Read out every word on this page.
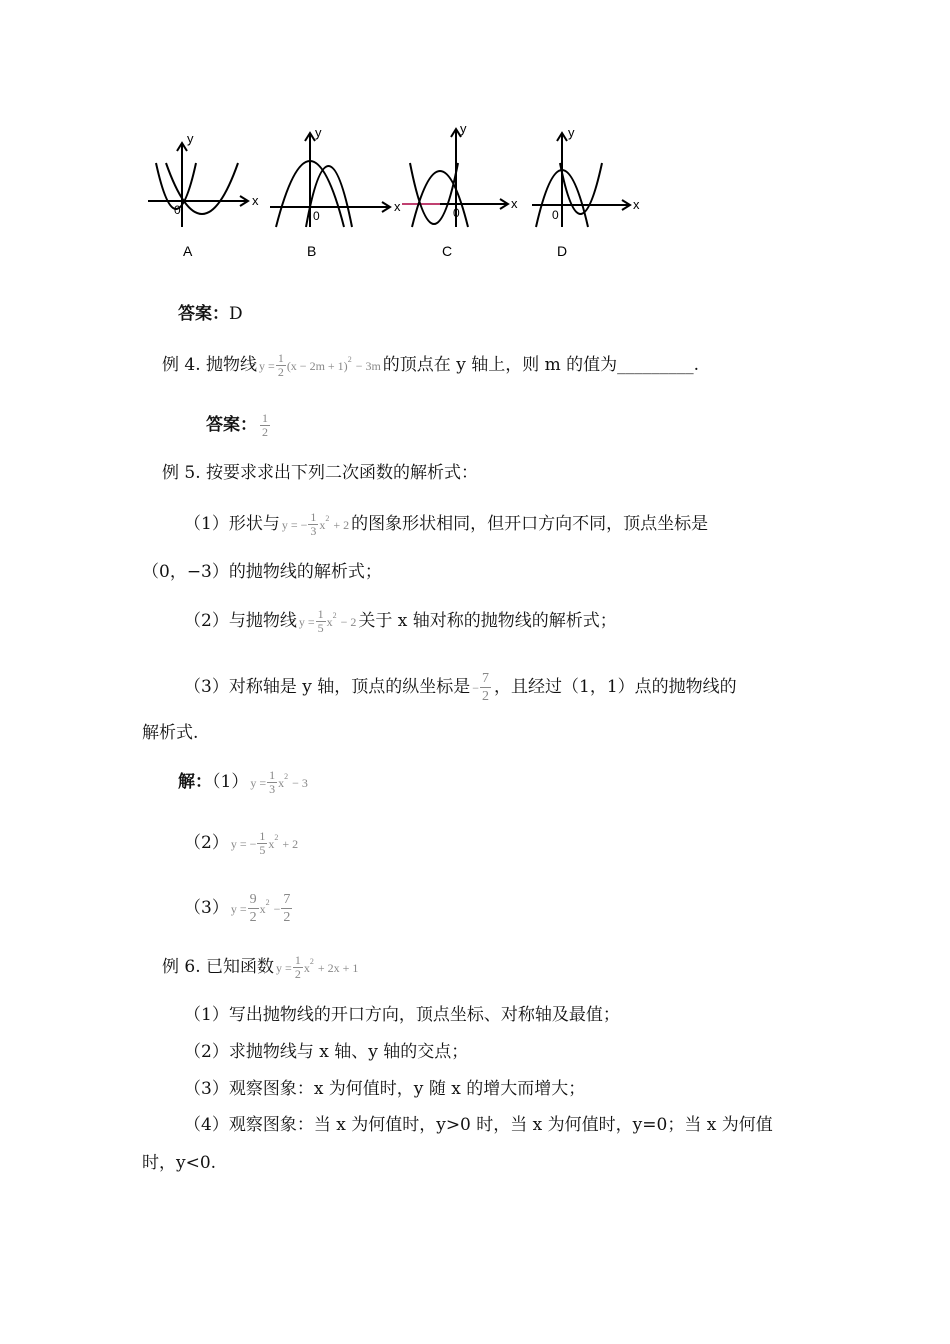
x
y
0
A
x
y
0
B
x
y
0
C
x
y
0
D
答案：D
例 4. 抛物线 $y = \frac{1}{2} (x - 2m + 1) 2 - 3m$ 的顶点在 y 轴上，则 m 的值为_________.
答案： $\frac{1}{2}$
例 5. 按要求求出下列二次函数的解析式：
（1）形状与 y = − $\frac{1}{3}$ x 2 + 2 的图象形状相同，但开口方向不同，顶点坐标是
（0，−3）的抛物线的解析式；
（2）与抛物线 $y = \frac{1}{5}$ x 2 − 2 关于 x 轴对称的抛物线的解析式；
（3）对称轴是 y 轴，顶点的纵坐标是 − $\frac{7}{2}$ ，且经过（1，1）点的抛物线的
解析式.
解：（1） $y = \frac{1}{3}$ x 2 − 3
（2） y = − $\frac{1}{5}$ x 2 + 2
（3） $y = \frac{9}{2}$ x $2 - \frac{7}{2}$
例 6. 已知函数 $y = \frac{1}{2}$ x 2 + 2x + 1
（1）写出抛物线的开口方向，顶点坐标、对称轴及最值；
（2）求抛物线与 x 轴、y 轴的交点；
（3）观察图象：x 为何值时，y 随 x 的增大而增大；
（4）观察图象：当 x 为何值时，y>0 时，当 x 为何值时，y=0；当 x 为何值
时，y<0.
